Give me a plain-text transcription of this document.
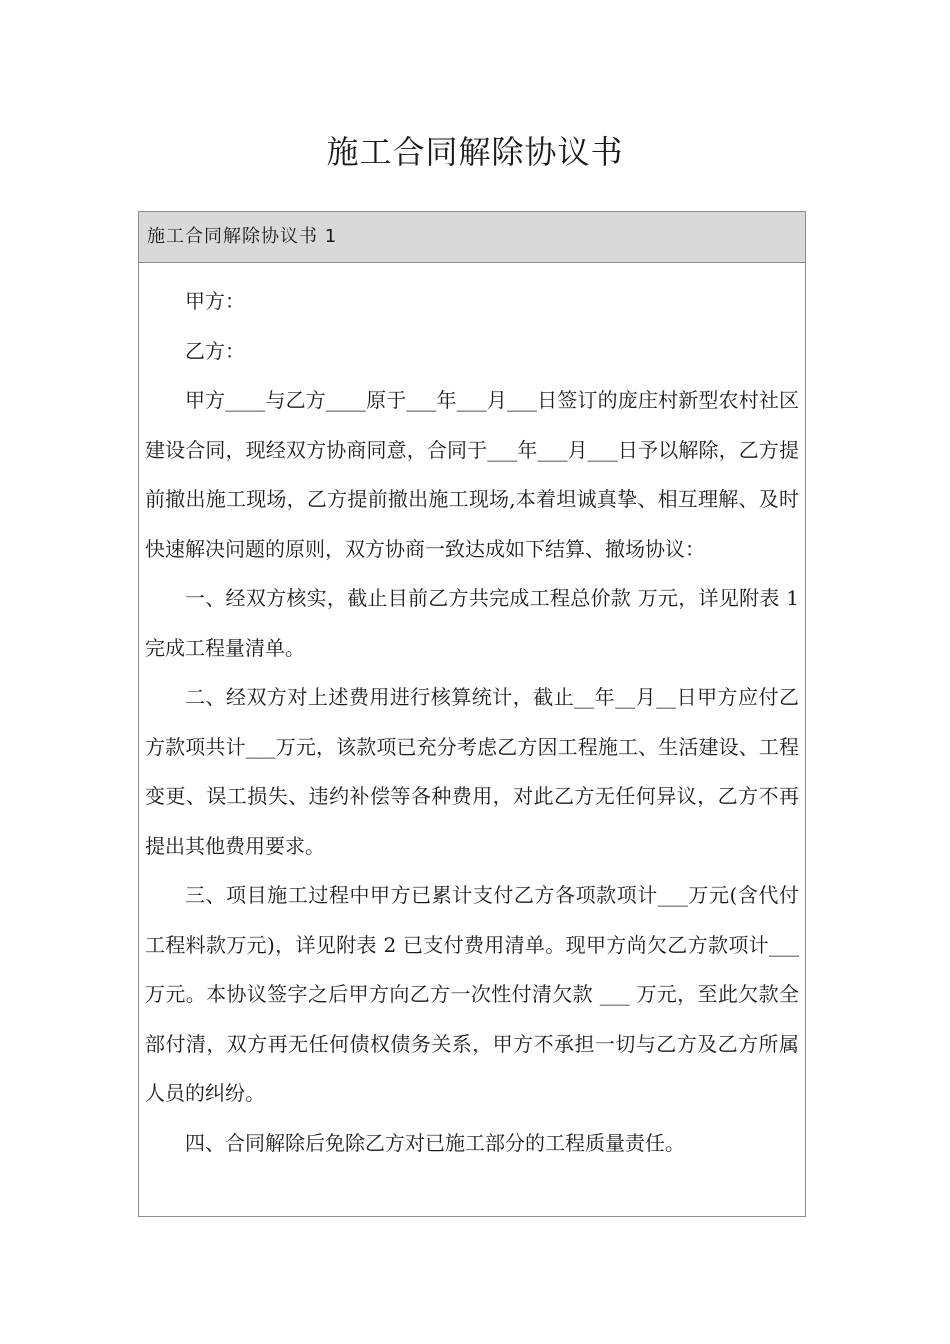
施工合同解除协议书
施工合同解除协议书 1

甲方：

乙方：

甲方____与乙方____原于___年___月___日签订的庞庄村新型农村社区建设合同，现经双方协商同意，合同于___年___月___日予以解除，乙方提前撤出施工现场，乙方提前撤出施工现场,本着坦诚真挚、相互理解、及时快速解决问题的原则，双方协商一致达成如下结算、撤场协议：

一、经双方核实，截止目前乙方共完成工程总价款 万元，详见附表 1 完成工程量清单。

二、经双方对上述费用进行核算统计，截止__年__月__日甲方应付乙方款项共计___万元，该款项已充分考虑乙方因工程施工、生活建设、工程变更、误工损失、违约补偿等各种费用，对此乙方无任何异议，乙方不再提出其他费用要求。

三、项目施工过程中甲方已累计支付乙方各项款项计___万元(含代付工程料款万元)，详见附表 2 已支付费用清单。现甲方尚欠乙方款项计___万元。本协议签字之后甲方向乙方一次性付清欠款 ___ 万元，至此欠款全部付清，双方再无任何债权债务关系，甲方不承担一切与乙方及乙方所属人员的纠纷。

四、合同解除后免除乙方对已施工部分的工程质量责任。
